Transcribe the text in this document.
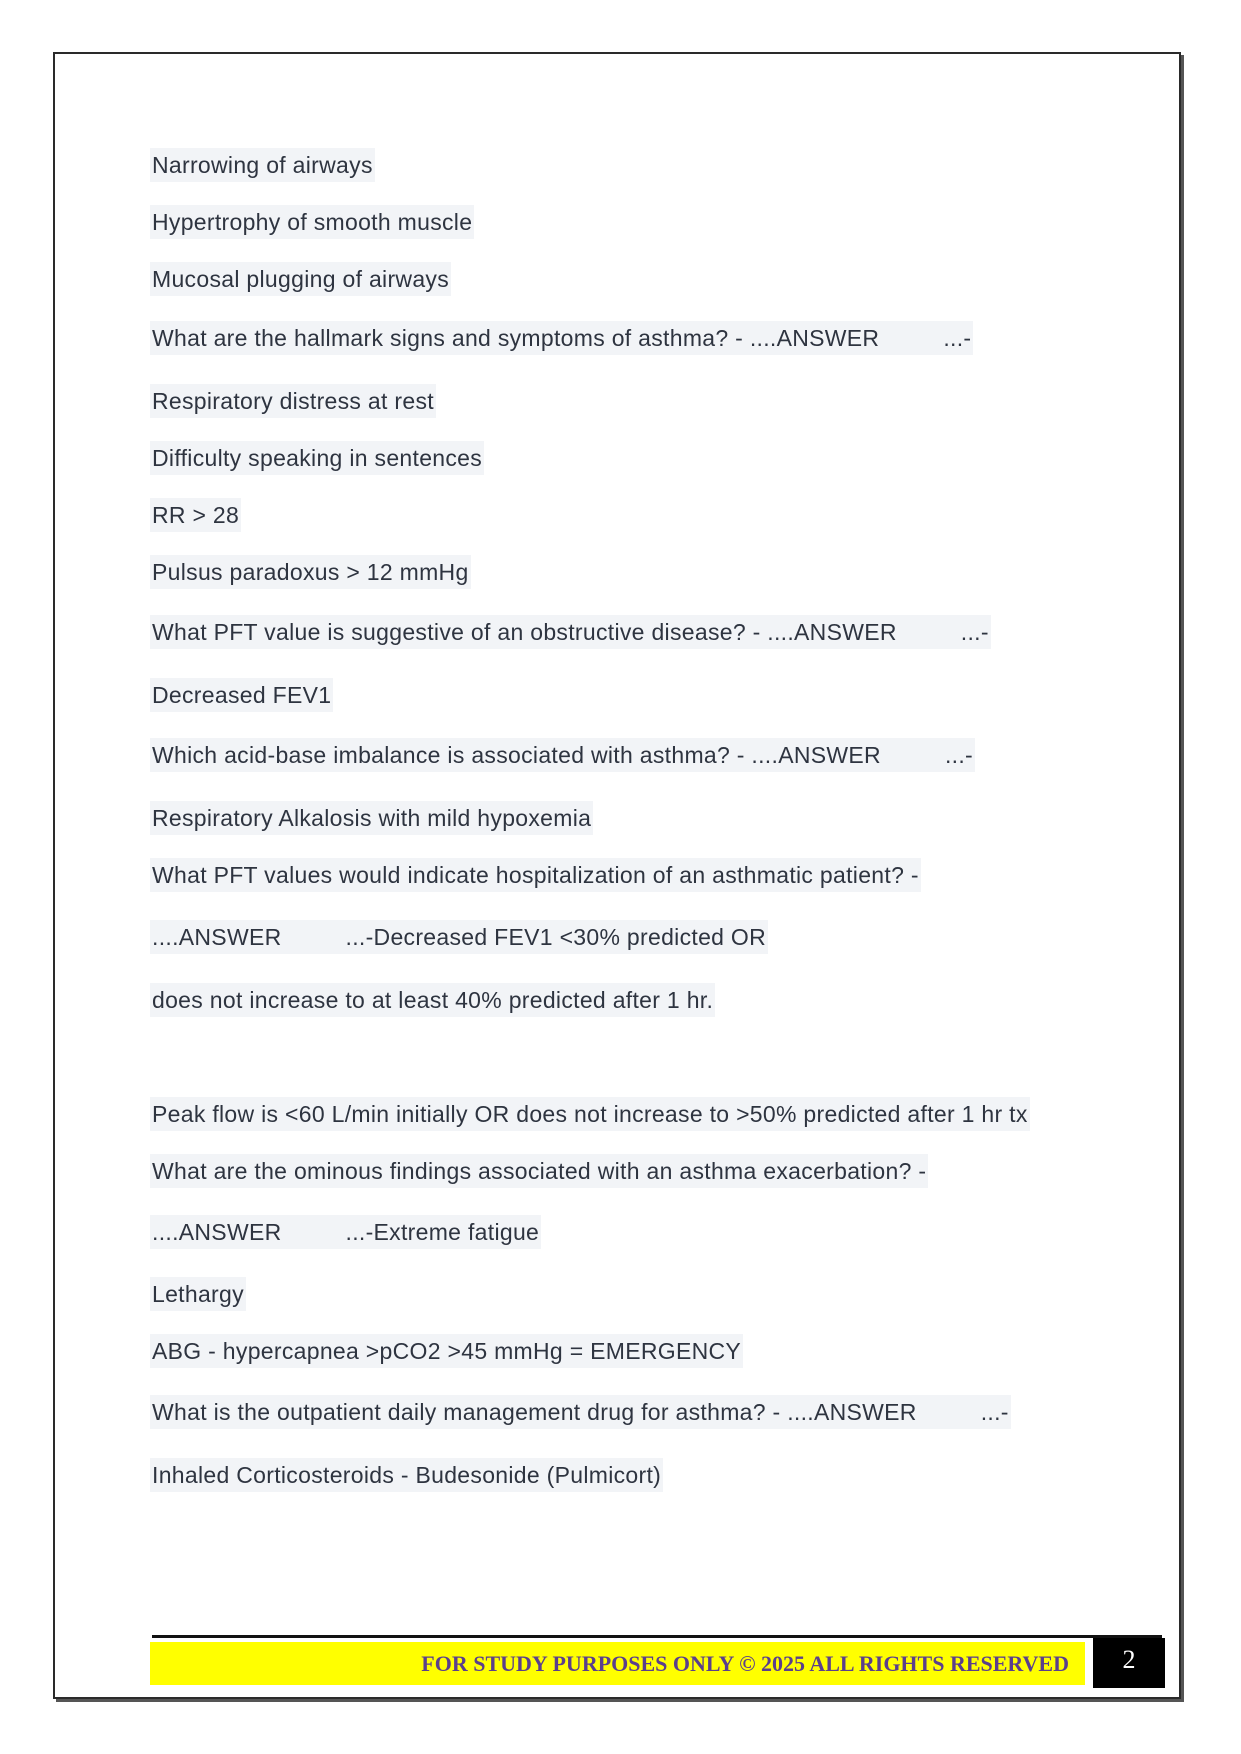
Narrowing of airways
Hypertrophy of smooth muscle
Mucosal plugging of airways
What are the hallmark signs and symptoms of asthma? - ....ANSWER	...-
Respiratory distress at rest
Difficulty speaking in sentences
RR > 28
Pulsus paradoxus > 12 mmHg
What PFT value is suggestive of an obstructive disease? - ....ANSWER	...-
Decreased FEV1
Which acid-base imbalance is associated with asthma? - ....ANSWER	...-
Respiratory Alkalosis with mild hypoxemia
What PFT values would indicate hospitalization of an asthmatic patient? -
....ANSWER	...-Decreased FEV1 <30% predicted OR
does not increase to at least 40% predicted after 1 hr.
Peak flow is <60 L/min initially OR does not increase to >50% predicted after 1 hr tx
What are the ominous findings associated with an asthma exacerbation? -
....ANSWER	...-Extreme fatigue
Lethargy
ABG - hypercapnea >pCO2 >45 mmHg = EMERGENCY
What is the outpatient daily management drug for asthma? - ....ANSWER	...-
Inhaled Corticosteroids - Budesonide (Pulmicort)
FOR STUDY PURPOSES ONLY © 2025 ALL RIGHTS RESERVED	2
